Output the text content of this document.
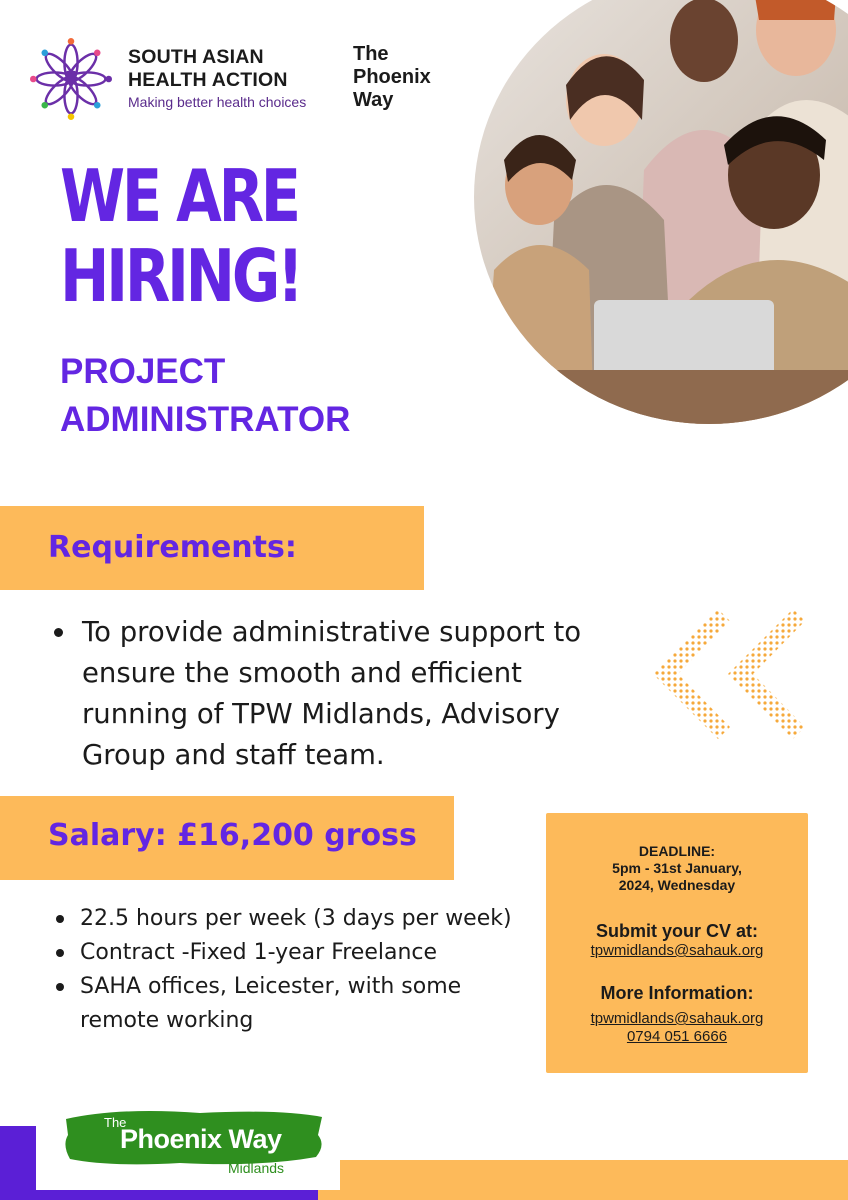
SOUTH ASIAN
HEALTH ACTION
Making better health choices
The
Phoenix
Way
WE ARE
HIRING!
PROJECT
ADMINISTRATOR
Requirements:
To provide administrative support to ensure the smooth and efficient running of TPW Midlands, Advisory Group and staff team.
Salary: £16,200 gross
22.5 hours per week (3 days per week)
Contract -Fixed 1-year Freelance
SAHA offices, Leicester, with some remote working
DEADLINE:
5pm - 31st January,
2024, Wednesday
Submit your CV at:
tpwmidlands@sahauk.org
More Information:
tpwmidlands@sahauk.org
0794 051 6666
The
Phoenix Way
Midlands
